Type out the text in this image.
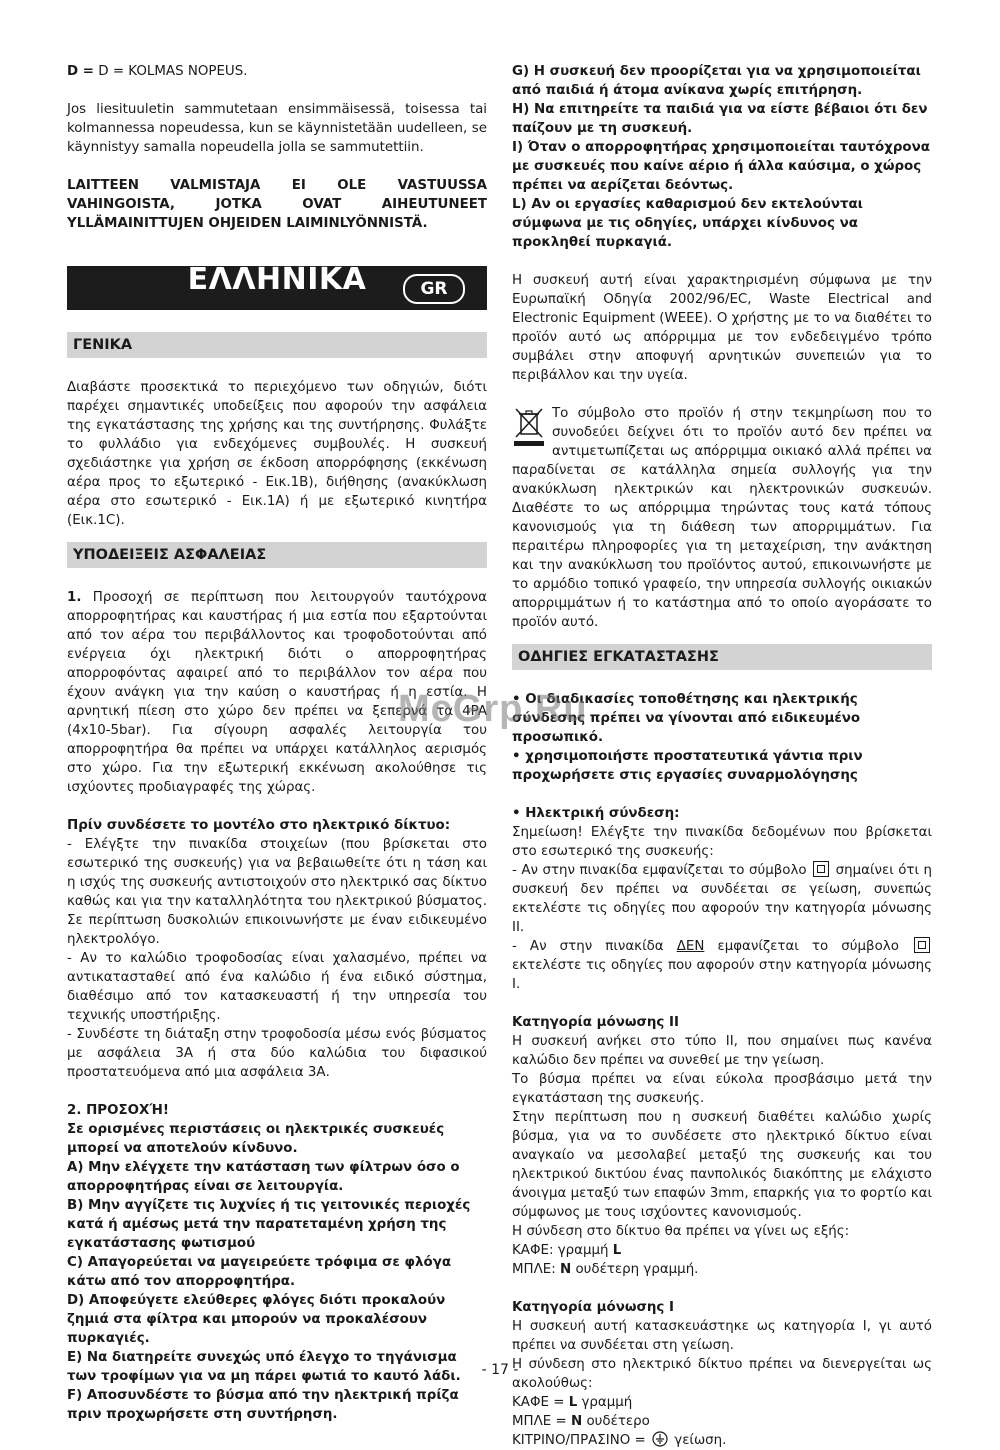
D = D = KOLMAS NOPEUS.

Jos liesituuletin sammutetaan ensimmäisessä, toisessa tai kolmannessa nopeudessa, kun se käynnistetään uudelleen, se käynnistyy samalla nopeudella jolla se sammutettiin.

LAITTEEN VALMISTAJA EI OLE VASTUUSSA VAHINGOISTA, JOTKA OVAT AIHEUTUNEET YLLÄMAINITTUJEN OHJEIDEN LAIMINLYÖNNISTÄ.

ΕΛΛΗΝΙΚΑ	GR
ΓΕΝΙΚΑ

Διαβάστε προσεκτικά το περιεχόμενο των οδηγιών, διότι παρέχει σημαντικές υποδείξεις που αφορούν την ασφάλεια της εγκατάστασης της χρήσης και της συντήρησης. Φυλάξτε το φυλλάδιο για ενδεχόμενες συμβουλές. Η συσκευή σχεδιάστηκε για χρήση σε έκδοση απορρόφησης (εκκένωση αέρα προς το εξωτερικό - Εικ.1B), διήθησης (ανακύκλωση αέρα στο εσωτερικό - Εικ.1A) ή με εξωτερικό κινητήρα (Εικ.1C).

ΥΠΟΔΕΙΞΕΙΣ ΑΣΦΑΛΕΙΑΣ

1. Προσοχή σε περίπτωση που λειτουργούν ταυτόχρονα απορροφητήρας και καυστήρας ή μια εστία που εξαρτούνται από τον αέρα του περιβάλλοντος και τροφοδοτούνται από ενέργεια όχι ηλεκτρική διότι ο απορροφητήρας απορροφόντας αφαιρεί από το περιβάλλον τον αέρα που έχουν ανάγκη για την καύση ο καυστήρας ή η εστία. Η αρνητική πίεση στο χώρο δεν πρέπει να ξεπερνά τα 4PA (4x10-5bar). Για σίγουρη ασφαλές λειτουργία του απορροφητήρα θα πρέπει να υπάρχει κατάλληλος αερισμός στο χώρο. Για την εξωτερική εκκένωση ακολούθησε τις ισχύοντες προδιαγραφές της χώρας.

Πρίν συνδέσετε το μοντέλο στο ηλεκτρικό δίκτυο:

- Ελέγξτε την πινακίδα στοιχείων (που βρίσκεται στο εσωτερικό της συσκευής) για να βεβαιωθείτε ότι η τάση και η ισχύς της συσκευής αντιστοιχούν στο ηλεκτρικό σας δίκτυο καθώς και για την καταλληλότητα του ηλεκτρικού βύσματος. Σε περίπτωση δυσκολιών επικοινωνήστε με έναν ειδικευμένο ηλεκτρολόγο.

- Αν το καλώδιο τροφοδοσίας είναι χαλασμένο, πρέπει να αντικατασταθεί από ένα καλώδιο ή ένα ειδικό σύστημα, διαθέσιμο από τον κατασκευαστή ή την υπηρεσία του τεχνικής υποστήριξης.

- Συνδέστε τη διάταξη στην τροφοδοσία μέσω ενός βύσματος με ασφάλεια 3Α ή στα δύο καλώδια του διφασικού προστατευόμενα από μια ασφάλεια 3Α.

2. ΠΡΟΣΟΧΉ!

Σε ορισμένες περιστάσεις οι ηλεκτρικές συσκευές μπορεί να αποτελούν κίνδυνο.

A) Μην ελέγχετε την κατάσταση των φίλτρων όσο ο απορροφητήρας είναι σε λειτουργία.

B) Μην αγγίζετε τις λυχνίες ή τις γειτονικές περιοχές κατά ή αμέσως μετά την παρατεταμένη χρήση της εγκατάστασης φωτισμού

C) Απαγορεύεται να μαγειρεύετε τρόφιμα σε φλόγα κάτω από τον απορροφητήρα.

D) Αποφεύγετε ελεύθερες φλόγες διότι προκαλούν ζημιά στα φίλτρα και μπορούν να προκαλέσουν πυρκαγιές.

E) Να διατηρείτε συνεχώς υπό έλεγχο το τηγάνισμα των τροφίμων για να μη πάρει φωτιά το καυτό λάδι.

F) Αποσυνδέστε το βύσμα από την ηλεκτρική πρίζα πριν προχωρήσετε στη συντήρηση.

G) Η συσκευή δεν προορίζεται για να χρησιμοποιείται από παιδιά ή άτομα ανίκανα χωρίς επιτήρηση.

H) Να επιτηρείτε τα παιδιά για να είστε βέβαιοι ότι δεν παίζουν με τη συσκευή.

I) Όταν ο απορροφητήρας χρησιμοποιείται ταυτόχρονα με συσκευές που καίνε αέριο ή άλλα καύσιμα, ο χώρος πρέπει να αερίζεται δεόντως.

L) Αν οι εργασίες καθαρισμού δεν εκτελούνται σύμφωνα με τις οδηγίες, υπάρχει κίνδυνος να προκληθεί πυρκαγιά.

Η συσκευή αυτή είναι χαρακτηρισμένη σύμφωνα με την Ευρωπαϊκή Οδηγία 2002/96/EC, Waste Electrical and Electronic Equipment (WEEE). Ο χρήστης με το να διαθέτει το προϊόν αυτό ως απόρριμμα με τον ενδεδειγμένο τρόπο συμβάλει στην αποφυγή αρνητικών συνεπειών για το περιβάλλον και την υγεία.

Το σύμβολο στο προϊόν ή στην τεκμηρίωση που το συνοδεύει δείχνει ότι το προϊόν αυτό δεν πρέπει να αντιμετωπίζεται ως απόρριμμα οικιακό αλλά πρέπει να παραδίνεται σε κατάλληλα σημεία συλλογής για την ανακύκλωση ηλεκτρικών και ηλεκτρονικών συσκευών. Διαθέστε το ως απόρριμμα τηρώντας τους κατά τόπους κανονισμούς για τη διάθεση των απορριμμάτων. Για περαιτέρω πληροφορίες για τη μεταχείριση, την ανάκτηση και την ανακύκλωση του προϊόντος αυτού, επικοινωνήστε με το αρμόδιο τοπικό γραφείο, την υπηρεσία συλλογής οικιακών απορριμμάτων ή το κατάστημα από το οποίο αγοράσατε το προϊόν αυτό.

ΟΔΗΓΙΕΣ ΕΓΚΑΤΑΣΤΑΣΗΣ

• Οι διαδικασίες τοποθέτησης και ηλεκτρικής σύνδεσης πρέπει να γίνονται από ειδικευμένο προσωπικό.

• χρησιμοποιήστε προστατευτικά γάντια πριν προχωρήσετε στις εργασίες συναρμολόγησης

• Ηλεκτρική σύνδεση:

Σημείωση! Ελέγξτε την πινακίδα δεδομένων που βρίσκεται στο εσωτερικό της συσκευής:

- Αν στην πινακίδα εμφανίζεται το σύμβολο σημαίνει ότι η συσκευή δεν πρέπει να συνδέεται σε γείωση, συνεπώς εκτελέστε τις οδηγίες που αφορούν την κατηγορία μόνωσης II.

- Αν στην πινακίδα ΔΕΝ εμφανίζεται το σύμβολο  εκτελέστε τις οδηγίες που αφορούν στην κατηγορία μόνωσης I.

Κατηγορία μόνωσης II

Η συσκευή ανήκει στο τύπο II, που σημαίνει πως κανένα καλώδιο δεν πρέπει να συνεθεί με την γείωση.

Το βύσμα πρέπει να είναι εύκολα προσβάσιμο μετά την εγκατάσταση της συσκευής.

Στην περίπτωση που η συσκευή διαθέτει καλώδιο χωρίς βύσμα, για να το συνδέσετε στο ηλεκτρικό δίκτυο είναι αναγκαίο να μεσολαβεί μεταξύ της συσκευής και του ηλεκτρικού δικτύου ένας πανπολικός διακόπτης με ελάχιστο άνοιγμα μεταξύ των επαφών 3mm, επαρκής για το φορτίο και σύμφωνος με τους ισχύοντες κανονισμούς.

Η σύνδεση στο δίκτυο θα πρέπει να γίνει ως εξής:

ΚΑΦΕ: γραμμή L

ΜΠΛΕ: N ουδέτερη γραμμή.

Κατηγορία μόνωσης I

Η συσκευή αυτή κατασκευάστηκε ως κατηγορία I, γι αυτό πρέπει να συνδέεται στη γείωση.

Η σύνδεση στο ηλεκτρικό δίκτυο πρέπει να διενεργείται ως ακολούθως:

ΚΑΦΕ = L γραμμή

ΜΠΛΕ = N ουδέτερο

ΚΙΤΡΙΝΟ/ΠΡΑΣΙΝΟ =  γείωση.

McGrp.Ru
- 17 -
